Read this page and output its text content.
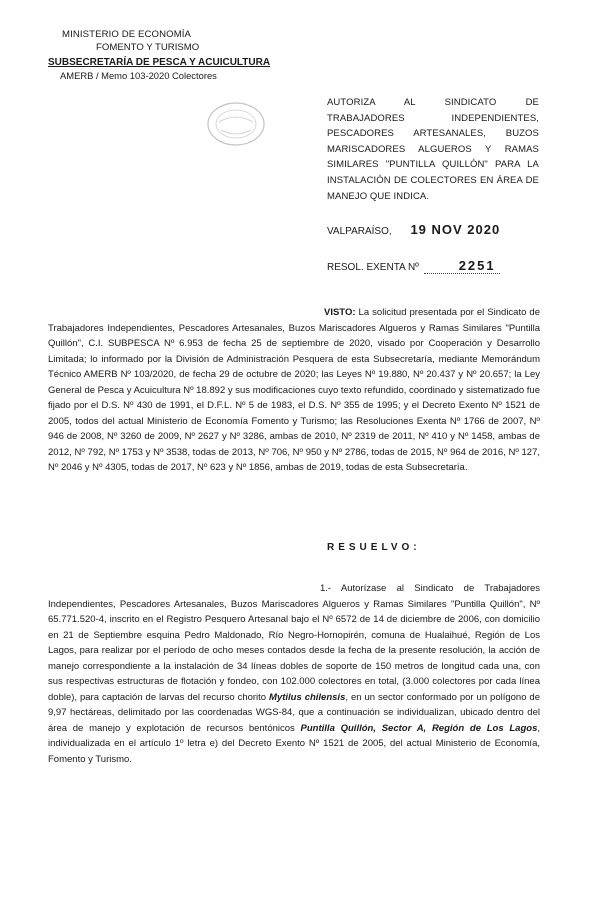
MINISTERIO DE ECONOMÍA
FOMENTO Y TURISMO
SUBSECRETARÍA DE PESCA Y ACUICULTURA
AMERB / Memo 103-2020 Colectores
AUTORIZA AL SINDICATO DE TRABAJADORES INDEPENDIENTES, PESCADORES ARTESANALES, BUZOS MARISCADORES ALGUEROS Y RAMAS SIMILARES "PUNTILLA QUILLÓN" PARA LA INSTALACIÓN DE COLECTORES EN ÁREA DE MANEJO QUE INDICA.
VALPARAÍSO, 19 NOV 2020
RESOL. EXENTA Nº	2251
VISTO: La solicitud presentada por el Sindicato de Trabajadores Independientes, Pescadores Artesanales, Buzos Mariscadores Algueros y Ramas Similares "Puntilla Quillón", C.I. SUBPESCA Nº 6.953 de fecha 25 de septiembre de 2020, visado por Cooperación y Desarrollo Limitada; lo informado por la División de Administración Pesquera de esta Subsecretaría, mediante Memorándum Técnico AMERB Nº 103/2020, de fecha 29 de octubre de 2020; las Leyes Nº 19.880, Nº 20.437 y Nº 20.657; la Ley General de Pesca y Acuicultura Nº 18.892 y sus modificaciones cuyo texto refundido, coordinado y sistematizado fue fijado por el D.S. Nº 430 de 1991, el D.F.L. Nº 5 de 1983, el D.S. Nº 355 de 1995; y el Decreto Exento Nº 1521 de 2005, todos del actual Ministerio de Economía Fomento y Turismo; las Resoluciones Exenta Nº 1766 de 2007, Nº 946 de 2008, Nº 3260 de 2009, Nº 2627 y Nº 3286, ambas de 2010, Nº 2319 de 2011, Nº 410 y Nº 1458, ambas de 2012, Nº 792, Nº 1753 y Nº 3538, todas de 2013, Nº 706, Nº 950 y Nº 2786, todas de 2015, Nº 964 de 2016, Nº 127, Nº 2046 y Nº 4305, todas de 2017, Nº 623 y Nº 1856, ambas de 2019, todas de esta Subsecretaría.
RESUELVO:
1.- Autorízase al Sindicato de Trabajadores Independientes, Pescadores Artesanales, Buzos Mariscadores Algueros y Ramas Similares "Puntilla Quillón", Nº 65.771.520-4, inscrito en el Registro Pesquero Artesanal bajo el Nº 6572 de 14 de diciembre de 2006, con domicilio en 21 de Septiembre esquina Pedro Maldonado, Río Negro-Hornopirén, comuna de Hualaihué, Región de Los Lagos, para realizar por el período de ocho meses contados desde la fecha de la presente resolución, la acción de manejo correspondiente a la instalación de 34 líneas dobles de soporte de 150 metros de longitud cada una, con sus respectivas estructuras de flotación y fondeo, con 102.000 colectores en total, (3.000 colectores por cada línea doble), para captación de larvas del recurso choritо Mytilus chilensis, en un sector conformado por un polígono de 9,97 hectáreas, delimitado por las coordenadas WGS-84, que a continuación se individualizan, ubicado dentro del área de manejo y explotación de recursos bentónicos Puntilla Quillón, Sector A, Región de Los Lagos, individualizada en el artículo 1º letra e) del Decreto Exento Nº 1521 de 2005, del actual Ministerio de Economía, Fomento y Turismo.
